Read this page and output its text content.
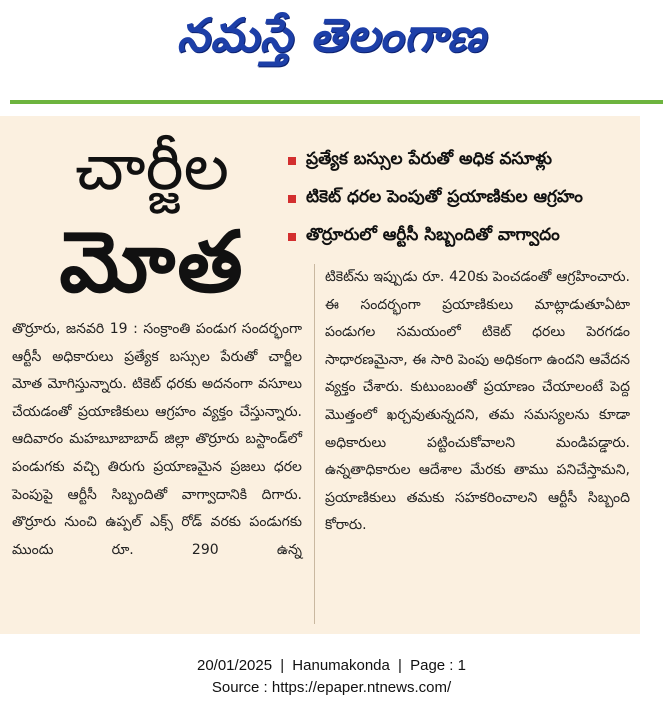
నమస్తే తెలంగాణ
చార్జీల
మోత
ప్రత్యేక బస్సుల పేరుతో అధిక వసూళ్లు
టికెట్ ధరల పెంపుతో ప్రయాణికుల ఆగ్రహం
తొర్రూరులో ఆర్టీసీ సిబ్బందితో వాగ్వాదం
తొర్రూరు, జనవరి 19 : సంక్రాంతి పండుగ సందర్భంగా ఆర్టీసీ అధికారులు ప్రత్యేక బస్సుల పేరుతో చార్జీల మోత మోగిస్తున్నారు. టికెట్ ధరకు అదనంగా వసూలు చేయడంతో ప్రయాణికులు ఆగ్రహం వ్యక్తం చేస్తున్నారు. ఆదివారం మహబూబాబాద్ జిల్లా తొర్రూరు బస్టాండ్‌లో పండుగకు వచ్చి తిరుగు ప్రయాణమైన ప్రజలు ధరల పెంపుపై ఆర్టీసీ సిబ్బందితో వాగ్వాదానికి దిగారు. తొర్రూరు నుంచి ఉప్పల్ ఎక్స్ రోడ్ వరకు పండుగకు ముందు రూ. 290 ఉన్న
టికెట్‌ను ఇప్పుడు రూ. 420కు పెంచడంతో ఆగ్రహించారు. ఈ సందర్భంగా ప్రయాణికులు మాట్లాడుతూఏటా పండుగల సమయంలో టికెట్ ధరలు పెరగడం సాధారణమైనా, ఈ సారి పెంపు అధికంగా ఉందని ఆవేదన వ్యక్తం చేశారు. కుటుంబంతో ప్రయాణం చేయాలంటే పెద్ద మొత్తంలో ఖర్చవుతున్నదని, తమ సమస్యలను కూడా అధికారులు పట్టించుకోవాలని మండిపడ్డారు. ఉన్నతాధికారుల ఆదేశాల మేరకు తాము పనిచేస్తామని, ప్రయాణికులు తమకు సహకరించాలని ఆర్టీసీ సిబ్బంది కోరారు.
20/01/2025 | Hanumakonda | Page : 1
Source : https://epaper.ntnews.com/
